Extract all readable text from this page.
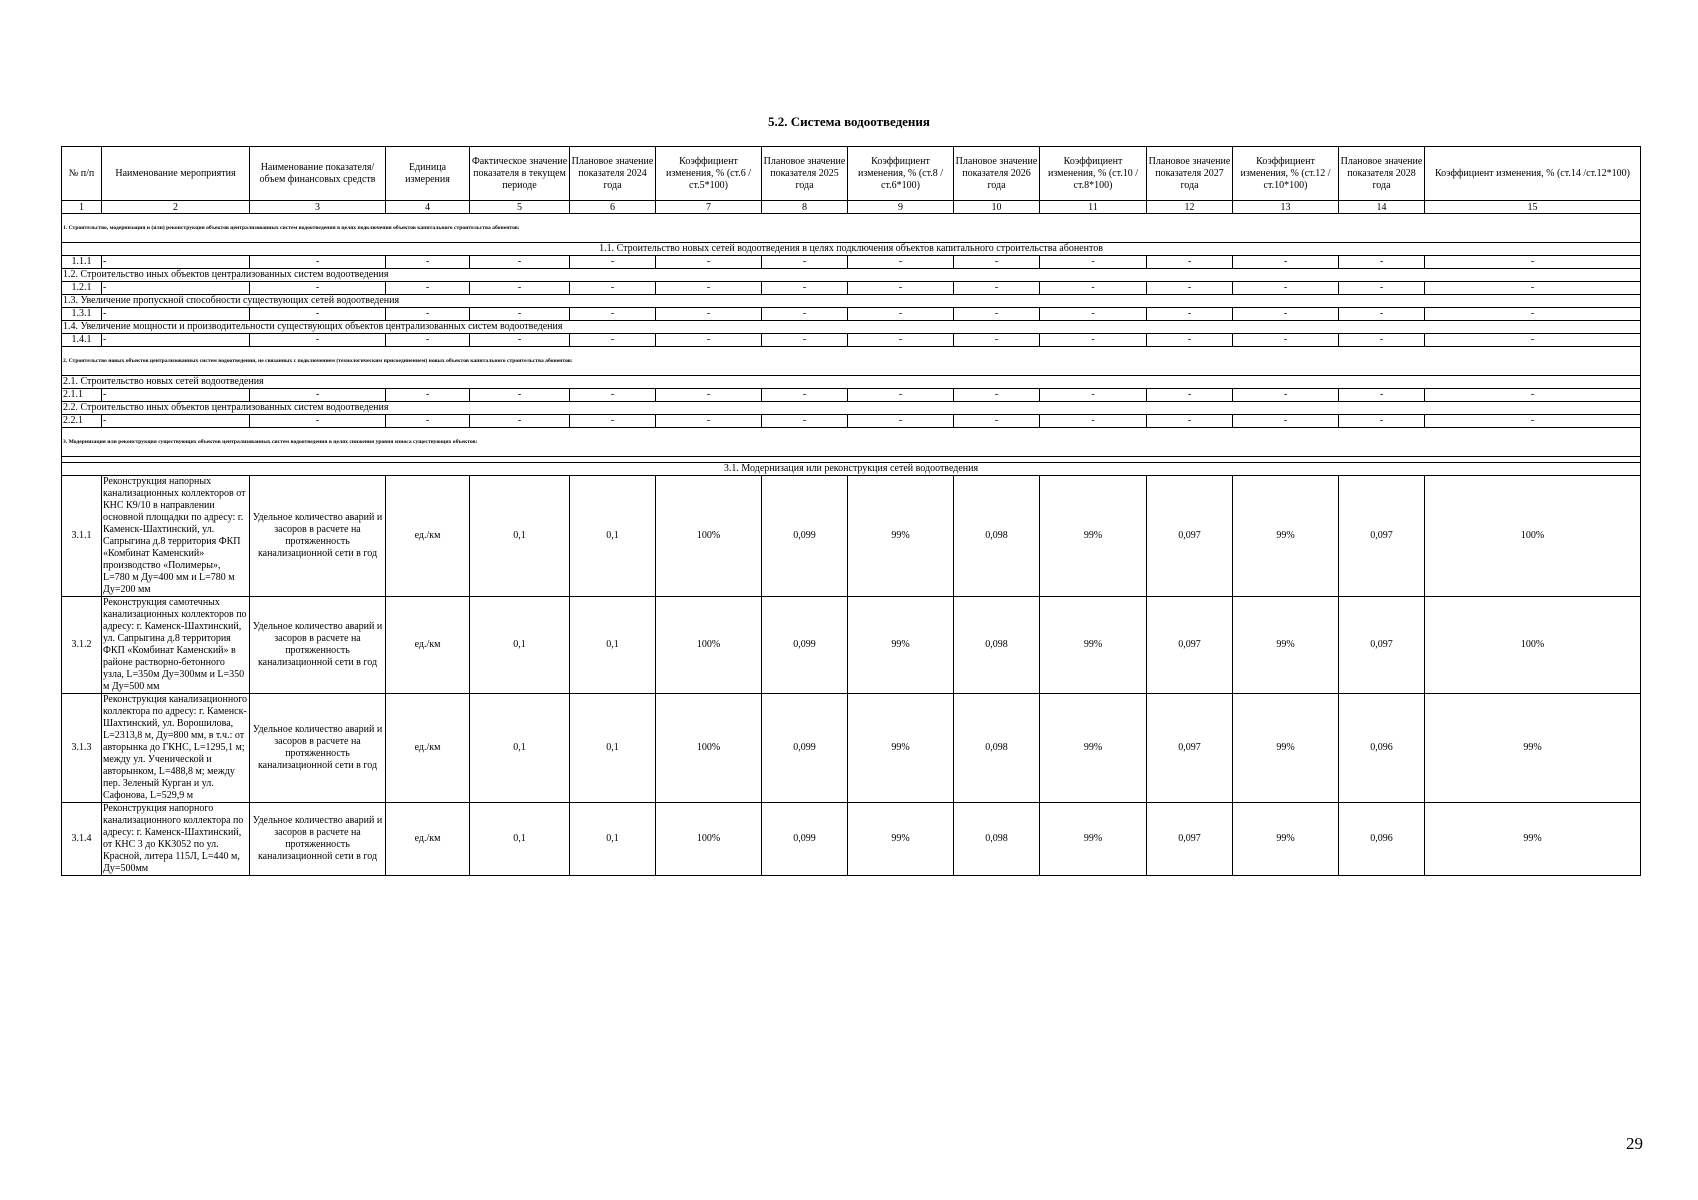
5.2. Система водоотведения
№ п/п	Наименование мероприятия	Наименование показателя/ объем финансовых средств	Единица измерения	Фактическое значение показателя в текущем периоде	Плановое значение показателя 2024 года	Коэффициент изменения, % (ст.6 /ст.5*100)	Плановое значение показателя 2025 года	Коэффициент изменения, % (ст.8 /ст.6*100)	Плановое значение показателя 2026 года	Коэффициент изменения, % (ст.10 /ст.8*100)	Плановое значение показателя 2027 года	Коэффициент изменения, % (ст.12 /ст.10*100)	Плановое значение показателя 2028 года	Коэффициент изменения, % (ст.14 /ст.12*100)
1	2	3	4	5	6	7	8	9	10	11	12	13	14	15
1. Строительство, модернизация и (или) реконструкция объектов централизованных систем водоотведения в целях подключения объектов капитального строительства абонентов:														
1.1. Строительство новых сетей водоотведения в целях подключения объектов капитального строительства абонентов														
1.1.1	-	-	-	-	-	-	-	-	-	-	-	-	-	-
1.2. Строительство иных объектов централизованных систем водоотведения														
1.2.1	-	-	-	-	-	-	-	-	-	-	-	-	-	-
1.3. Увеличение пропускной способности существующих сетей водоотведения														
1.3.1	-	-	-	-	-	-	-	-	-	-	-	-	-	-
1.4. Увеличение мощности и производительности существующих объектов централизованных систем водоотведения														
1.4.1	-	-	-	-	-	-	-	-	-	-	-	-	-	-
2. Строительство новых объектов централизованных систем водоотведения, не связанных с подключением (технологическим присоединением) новых объектов капитального строительства абонентов:														
2.1. Строительство новых сетей водоотведения														
2.1.1	-	-	-	-	-	-	-	-	-	-	-	-	-	-
2.2. Строительство иных объектов централизованных систем водоотведения														
2.2.1	-	-	-	-	-	-	-	-	-	-	-	-	-	-
3. Модернизация или реконструкция существующих объектов централизованных систем водоотведения в целях снижения уровня износа существующих объектов:														

3.1. Модернизация или реконструкция сетей водоотведения														
3.1.1	Реконструкция напорных канализационных коллекторов от КНС К9/10 в направлении основной площадки по адресу: г. Каменск-Шахтинский, ул. Сапрыгина д.8 территория ФКП «Комбинат Каменский» производство «Полимеры», L=780 м Ду=400 мм и L=780 м Ду=200 мм	Удельное количество аварий и засоров в расчете на протяженность канализационной сети в год	ед./км	0,1	0,1	100%	0,099	99%	0,098	99%	0,097	99%	0,097	100%
3.1.2	Реконструкция самотечных канализационных коллекторов по адресу: г. Каменск-Шахтинский, ул. Сапрыгина д.8 территория ФКП «Комбинат Каменский» в районе растворно-бетонного узла, L=350м Ду=300мм и L=350 м Ду=500 мм	Удельное количество аварий и засоров в расчете на протяженность канализационной сети в год	ед./км	0,1	0,1	100%	0,099	99%	0,098	99%	0,097	99%	0,097	100%
3.1.3	Реконструкция канализационного коллектора по адресу: г. Каменск-Шахтинский, ул. Ворошилова, L=2313,8 м, Ду=800 мм, в т.ч.: от авторынка до ГКНС, L=1295,1 м; между ул. Ученической и авторынком, L=488,8 м; между пер. Зеленый Курган и ул. Сафонова, L=529,9 м	Удельное количество аварий и засоров в расчете на протяженность канализационной сети в год	ед./км	0,1	0,1	100%	0,099	99%	0,098	99%	0,097	99%	0,096	99%
3.1.4	Реконструкция напорного канализационного коллектора по адресу: г. Каменск-Шахтинский, от КНС 3 до КК3052 по ул. Красной, литера 115Л, L=440 м, Ду=500мм	Удельное количество аварий и засоров в расчете на протяженность канализационной сети в год	ед./км	0,1	0,1	100%	0,099	99%	0,098	99%	0,097	99%	0,096	99%
29
